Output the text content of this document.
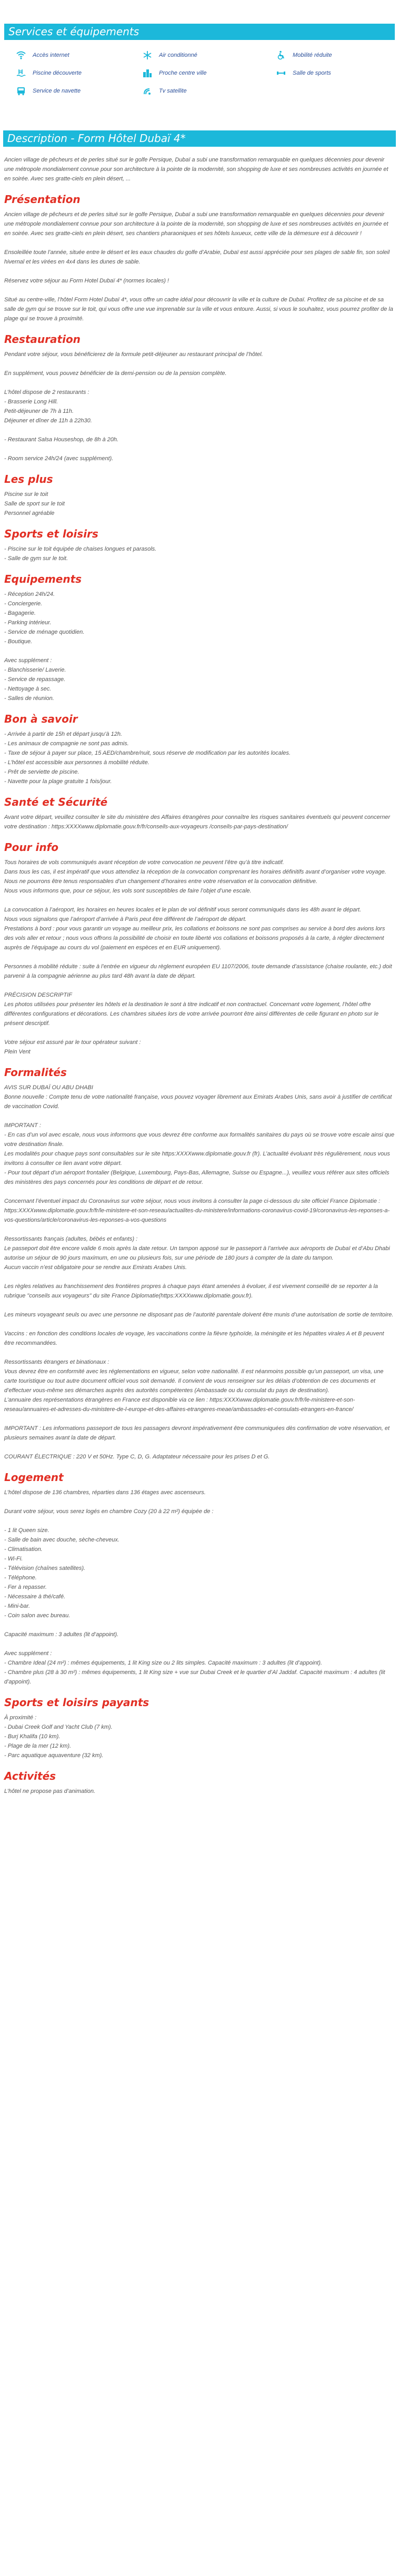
Services et équipements
Accès internet	Air conditionné	Mobilité réduite
Piscine découverte	Proche centre ville	Salle de sports
Service de navette	Tv satellite
Description - Form Hôtel Dubaï 4*

Ancien village de pêcheurs et de perles situé sur le golfe Persique, Dubaï a subi une transformation remarquable en quelques décennies pour devenir une métropole mondialement connue pour son architecture à la pointe de la modernité, son shopping de luxe et ses nombreuses activités en journée et en soirée. Avec ses gratte-ciels en plein désert, ...

Présentation

Ancien village de pêcheurs et de perles situé sur le golfe Persique, Dubaï a subi une transformation remarquable en quelques décennies pour devenir une métropole mondialement connue pour son architecture à la pointe de la modernité, son shopping de luxe et ses nombreuses activités en journée et en soirée. Avec ses gratte-ciels en plein désert, ses chantiers pharaoniques et ses hôtels luxueux, cette ville de la démesure est à découvrir !

Ensoleillée toute l’année, située entre le désert et les eaux chaudes du golfe d’Arabie, Dubaï est aussi appréciée pour ses plages de sable fin, son soleil hivernal et les virées en 4x4 dans les dunes de sable.

Réservez votre séjour au Form Hotel Dubaï 4* (normes locales) !

Situé au centre-ville, l’hôtel Form Hotel Dubaï 4*, vous offre un cadre idéal pour découvrir la ville et la culture de Dubaï. Profitez de sa piscine et de sa salle de gym qui se trouve sur le toit, qui vous offre une vue imprenable sur la ville et vous entoure. Aussi, si vous le souhaitez, vous pourrez profiter de la plage qui se trouve à proximité.

Restauration
Pendant votre séjour, vous bénéficierez de la formule petit-déjeuner au restaurant principal de l’hôtel.
En supplément, vous pouvez bénéficier de la demi-pension ou de la pension complète.
L’hôtel dispose de 2 restaurants :
- Brasserie Long Hill.
Petit-déjeuner de 7h à 11h.
Déjeuner et dîner de 11h à 22h30.
- Restaurant Salsa Houseshop, de 8h à 20h.
- Room service 24h/24 (avec supplément).
Les plus
Piscine sur le toit
Salle de sport sur le toit
Personnel agréable
Sports et loisirs
- Piscine sur le toit équipée de chaises longues et parasols.
- Salle de gym sur le toit.
Equipements
- Réception 24h/24.
- Conciergerie.
- Bagagerie.
- Parking intérieur.
- Service de ménage quotidien.
- Boutique.
Avec supplément :
- Blanchisserie/ Laverie.
- Service de repassage.
- Nettoyage à sec.
- Salles de réunion.
Bon à savoir
- Arrivée à partir de 15h et départ jusqu’à 12h.
- Les animaux de compagnie ne sont pas admis.
- Taxe de séjour à payer sur place, 15 AED/chambre/nuit, sous réserve de modification par les autorités locales.
- L’hôtel est accessible aux personnes à mobilité réduite.
- Prêt de serviette de piscine.
- Navette pour la plage gratuite 1 fois/jour.
Santé et Sécurité
Avant votre départ, veuillez consulter le site du ministère des Affaires étrangères pour connaître les risques sanitaires éventuels qui peuvent concerner votre destination : https:XXXXwww.diplomatie.gouv.fr/fr/conseils-aux-voyageurs /conseils-par-pays-destination/
Pour info
Tous horaires de vols communiqués avant réception de votre convocation ne peuvent l’être qu’à titre indicatif.
Dans tous les cas, il est impératif que vous attendiez la réception de la convocation comprenant les horaires définitifs avant d’organiser votre voyage.
Nous ne pourrons être tenus responsables d’un changement d’horaires entre votre réservation et la convocation définitive.
Nous vous informons que, pour ce séjour, les vols sont susceptibles de faire l’objet d’une escale.
La convocation à l’aéroport, les horaires en heures locales et le plan de vol définitif vous seront communiqués dans les 48h avant le départ.
Nous vous signalons que l’aéroport d’arrivée à Paris peut être différent de l’aéroport de départ.
Prestations à bord : pour vous garantir un voyage au meilleur prix, les collations et boissons ne sont pas comprises au service à bord des avions lors des vols aller et retour ; nous vous offrons la possibilité de choisir en toute liberté vos collations et boissons proposés à la carte, à régler directement auprès de l’équipage au cours du vol (paiement en espèces et en EUR uniquement).
Personnes à mobilité réduite : suite à l’entrée en vigueur du règlement européen EU 1107/2006, toute demande d’assistance (chaise roulante, etc.) doit parvenir à la compagnie aérienne au plus tard 48h avant la date de départ.
PRÉCISION DESCRIPTIF
Les photos utilisées pour présenter les hôtels et la destination le sont à titre indicatif et non contractuel. Concernant votre logement, l’hôtel offre différentes configurations et décorations. Les chambres situées lors de votre arrivée pourront être ainsi différentes de celle figurant en photo sur le présent descriptif.
Votre séjour est assuré par le tour opérateur suivant :
Plein Vent
Formalités
AVIS SUR DUBAÏ OU ABU DHABI
Bonne nouvelle : Compte tenu de votre nationalité française, vous pouvez voyager librement aux Emirats Arabes Unis, sans avoir à justifier de certificat de vaccination Covid.
IMPORTANT :
- En cas d’un vol avec escale, nous vous informons que vous devrez être conforme aux formalités sanitaires du pays où se trouve votre escale ainsi que votre destination finale.
Les modalités pour chaque pays sont consultables sur le site https:XXXXwww.diplomatie.gouv.fr (fr). L’actualité évoluant très régulièrement, nous vous invitons à consulter ce lien avant votre départ.
- Pour tout départ d’un aéroport frontalier (Belgique, Luxembourg, Pays-Bas, Allemagne, Suisse ou Espagne...), veuillez vous référer aux sites officiels des ministères des pays concernés pour les conditions de départ et de retour.
Concernant l’éventuel impact du Coronavirus sur votre séjour, nous vous invitons à consulter la page ci-dessous du site officiel France Diplomatie :
https:XXXXwww.diplomatie.gouv.fr/fr/le-ministere-et-son-reseau/actualites-du-ministere/informations-coronavirus-covid-19/coronavirus-les-reponses-a-vos-questions/article/coronavirus-les-reponses-a-vos-questions
Ressortissants français (adultes, bébés et enfants) :
Le passeport doit être encore valide 6 mois après la date retour. Un tampon apposé sur le passeport à l’arrivée aux aéroports de Dubaï et d’Abu Dhabi autorise un séjour de 90 jours maximum, en une ou plusieurs fois, sur une période de 180 jours à compter de la date du tampon.
Aucun vaccin n’est obligatoire pour se rendre aux Emirats Arabes Unis.
Les règles relatives au franchissement des frontières propres à chaque pays étant amenées à évoluer, il est vivement conseillé de se reporter à la rubrique "conseils aux voyageurs" du site France Diplomatie(https:XXXXwww.diplomatie.gouv.fr).
Les mineurs voyageant seuls ou avec une personne ne disposant pas de l’autorité parentale doivent être munis d’une autorisation de sortie de territoire.
Vaccins : en fonction des conditions locales de voyage, les vaccinations contre la fièvre typhoïde, la méningite et les hépatites virales A et B peuvent être recommandées.
Ressortissants étrangers et binationaux :
Vous devrez être en conformité avec les réglementations en vigueur, selon votre nationalité. Il est néanmoins possible qu’un passeport, un visa, une carte touristique ou tout autre document officiel vous soit demandé. Il convient de vous renseigner sur les délais d’obtention de ces documents et d’effectuer vous-même ses démarches auprès des autorités compétentes (Ambassade ou du consulat du pays de destination).
L’annuaire des représentations étrangères en France est disponible via ce lien : https:XXXXwww.diplomatie.gouv.fr/fr/le-ministere-et-son-reseau/annuaires-et-adresses-du-ministere-de-l-europe-et-des-affaires-etrangeres-meae/ambassades-et-consulats-etrangers-en-france/
IMPORTANT : Les informations passeport de tous les passagers devront impérativement être communiquées dès confirmation de votre réservation, et plusieurs semaines avant la date de départ.
COURANT ÉLECTRIQUE : 220 V et 50Hz. Type C, D, G. Adaptateur nécessaire pour les prises D et G.
Logement
L’hôtel dispose de 136 chambres, réparties dans 136 étages avec ascenseurs.
Durant votre séjour, vous serez logés en chambre Cozy (20 à 22 m²) équipée de :
- 1 lit Queen size.
- Salle de bain avec douche, sèche-cheveux.
- Climatisation.
- Wi-Fi.
- Télévision (chaînes satellites).
- Téléphone.
- Fer à repasser.
- Nécessaire à thé/café.
- Mini-bar.
- Coin salon avec bureau.
Capacité maximum : 3 adultes (lit d’appoint).
Avec supplément :
- Chambre Ideal (24 m²) : mêmes équipements, 1 lit King size ou 2 lits simples. Capacité maximum : 3 adultes (lit d’appoint).
- Chambre plus (28 à 30 m²) : mêmes équipements, 1 lit King size + vue sur Dubai Creek et le quartier d’Al Jaddaf. Capacité maximum : 4 adultes (lit d’appoint).
Sports et loisirs payants
À proximité :
- Dubai Creek Golf and Yacht Club (7 km).
- Burj Khalifa (10 km).
- Plage de la mer (12 km).
- Parc aquatique aquaventure (32 km).
Activités
L’hôtel ne propose pas d’animation.
